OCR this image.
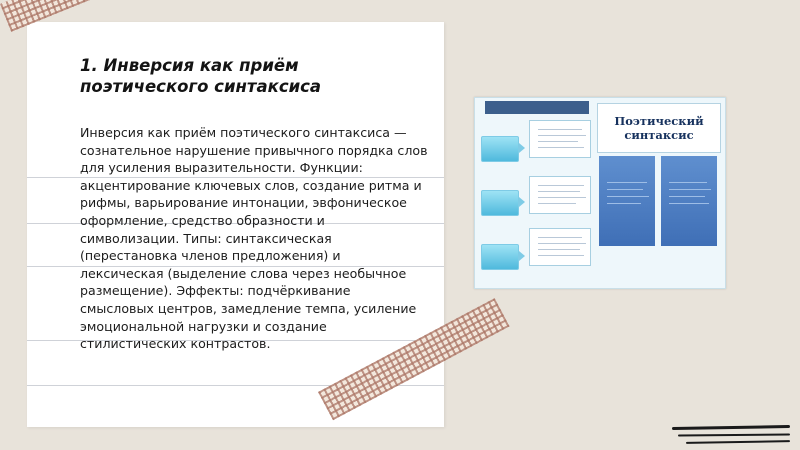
1. Инверсия как приём поэтического синтаксиса

Инверсия как приём поэтического синтаксиса — сознательное нарушение привычного порядка слов для усиления выразительности. Функции: акцентирование ключевых слов, создание ритма и рифмы, варьирование интонации, эвфоническое оформление, средство образности и символизации. Типы: синтаксическая (перестановка членов предложения) и лексическая (выделение слова через необычное размещение). Эффекты: подчёркивание смысловых центров, замедление темпа, усиление эмоциональной нагрузки и создание стилистических контрастов.

Поэтический синтаксис
